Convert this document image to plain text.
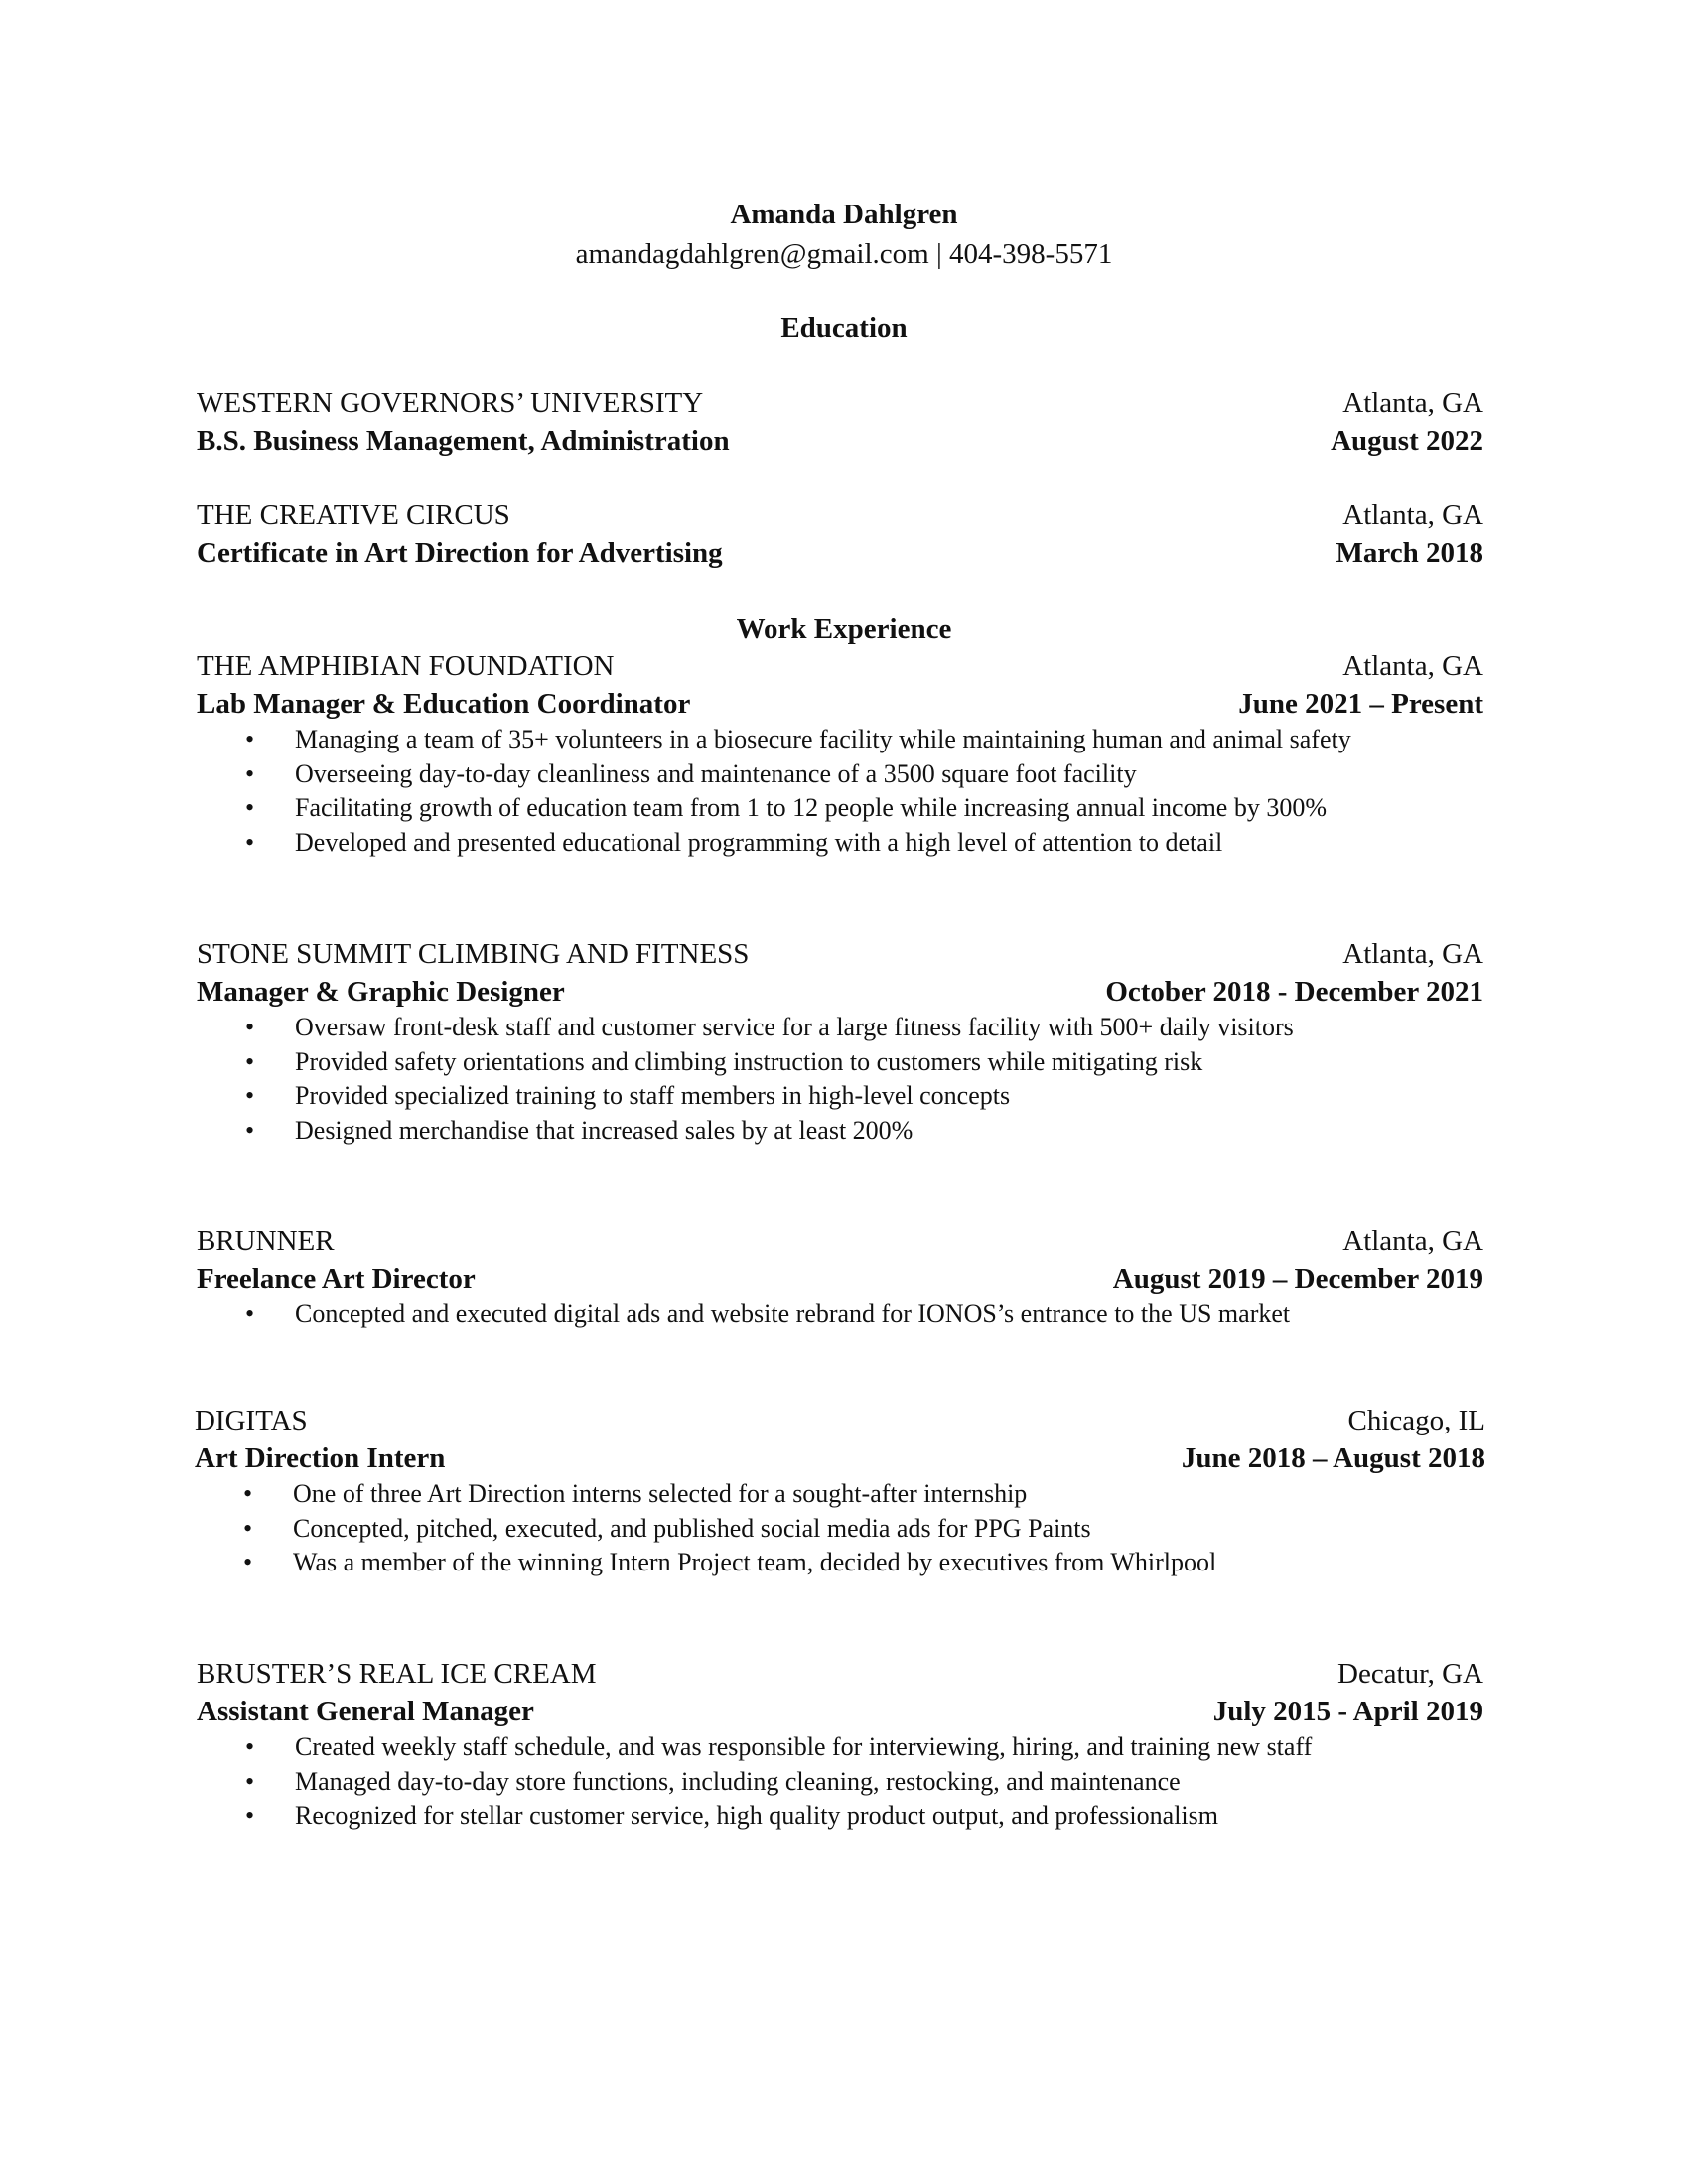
Amanda Dahlgren
amandagdahlgren@gmail.com | 404-398-5571
Education
WESTERN GOVERNORS’ UNIVERSITY	Atlanta, GA
B.S. Business Management, Administration	August 2022
THE CREATIVE CIRCUS	Atlanta, GA
Certificate in Art Direction for Advertising	March 2018
Work Experience
THE AMPHIBIAN FOUNDATION	Atlanta, GA
Lab Manager & Education Coordinator	June 2021 – Present
• Managing a team of 35+ volunteers in a biosecure facility while maintaining human and animal safety
• Overseeing day-to-day cleanliness and maintenance of a 3500 square foot facility
• Facilitating growth of education team from 1 to 12 people while increasing annual income by 300%
• Developed and presented educational programming with a high level of attention to detail
STONE SUMMIT CLIMBING AND FITNESS	Atlanta, GA
Manager & Graphic Designer	October 2018 - December 2021
• Oversaw front-desk staff and customer service for a large fitness facility with 500+ daily visitors
• Provided safety orientations and climbing instruction to customers while mitigating risk
• Provided specialized training to staff members in high-level concepts
• Designed merchandise that increased sales by at least 200%
BRUNNER	Atlanta, GA
Freelance Art Director	August 2019 – December 2019
• Concepted and executed digital ads and website rebrand for IONOS’s entrance to the US market
DIGITAS	Chicago, IL
Art Direction Intern	June 2018 – August 2018
• One of three Art Direction interns selected for a sought-after internship
• Concepted, pitched, executed, and published social media ads for PPG Paints
• Was a member of the winning Intern Project team, decided by executives from Whirlpool
BRUSTER’S REAL ICE CREAM	Decatur, GA
Assistant General Manager	July 2015 - April 2019
• Created weekly staff schedule, and was responsible for interviewing, hiring, and training new staff
• Managed day-to-day store functions, including cleaning, restocking, and maintenance
• Recognized for stellar customer service, high quality product output, and professionalism
